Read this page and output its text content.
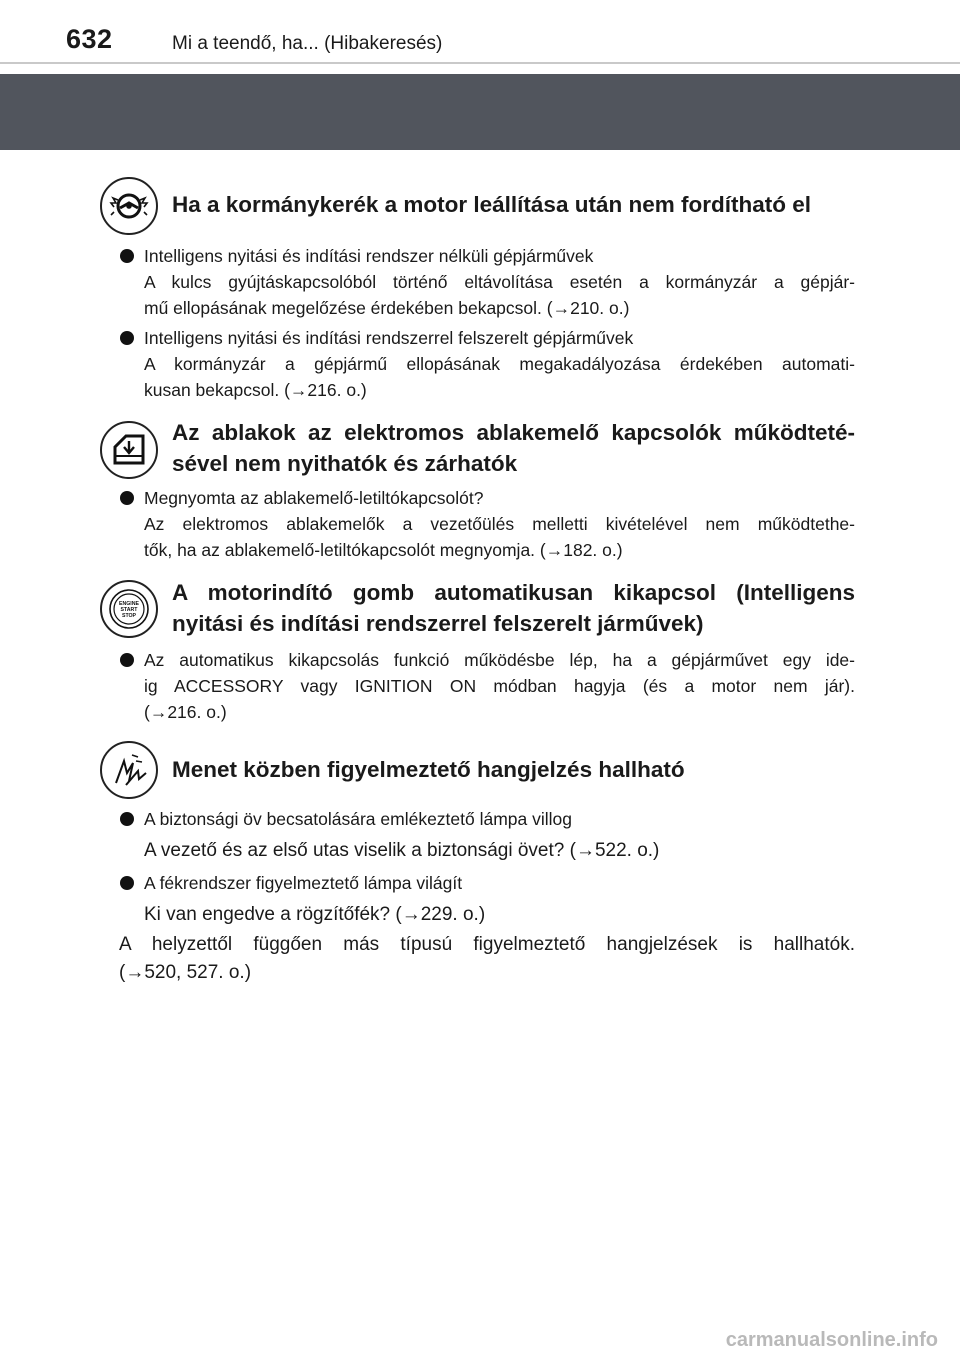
632	Mi a teendő, ha... (Hibakeresés)
Ha a kormánykerék a motor leállítása után nem fordítható el

Intelligens nyitási és indítási rendszer nélküli gépjárművek

A kulcs gyújtáskapcsolóból történő eltávolítása esetén a kormányzár a gépjár-

mű ellopásának megelőzése érdekében bekapcsol. (→210. o.)

Intelligens nyitási és indítási rendszerrel felszerelt gépjárművek

A kormányzár a gépjármű ellopásának megakadályozása érdekében automati-

kusan bekapcsol. (→216. o.)

Az ablakok az elektromos ablakemelő kapcsolók működteté-
sével nem nyithatók és zárhatók

Megnyomta az ablakemelő-letiltókapcsolót?

Az elektromos ablakemelők a vezetőülés melletti kivételével nem működtethe-

tők, ha az ablakemelő-letiltókapcsolót megnyomja. (→182. o.)

ENGINE
START
STOP
A motorindító gomb automatikusan kikapcsol (Intelligens
nyitási és indítási rendszerrel felszerelt járművek)

Az automatikus kikapcsolás funkció működésbe lép, ha a gépjárművet egy ide-

ig ACCESSORY vagy IGNITION ON módban hagyja (és a motor nem jár).

(→216. o.)

Menet közben figyelmeztető hangjelzés hallható

A biztonsági öv becsatolására emlékeztető lámpa villog

A vezető és az első utas viselik a biztonsági övet? (→522. o.)

A fékrendszer figyelmeztető lámpa világít

Ki van engedve a rögzítőfék? (→229. o.)

A helyzettől függően más típusú figyelmeztető hangjelzések is hallhatók.
(→520, 527. o.)
carmanualsonline.info
